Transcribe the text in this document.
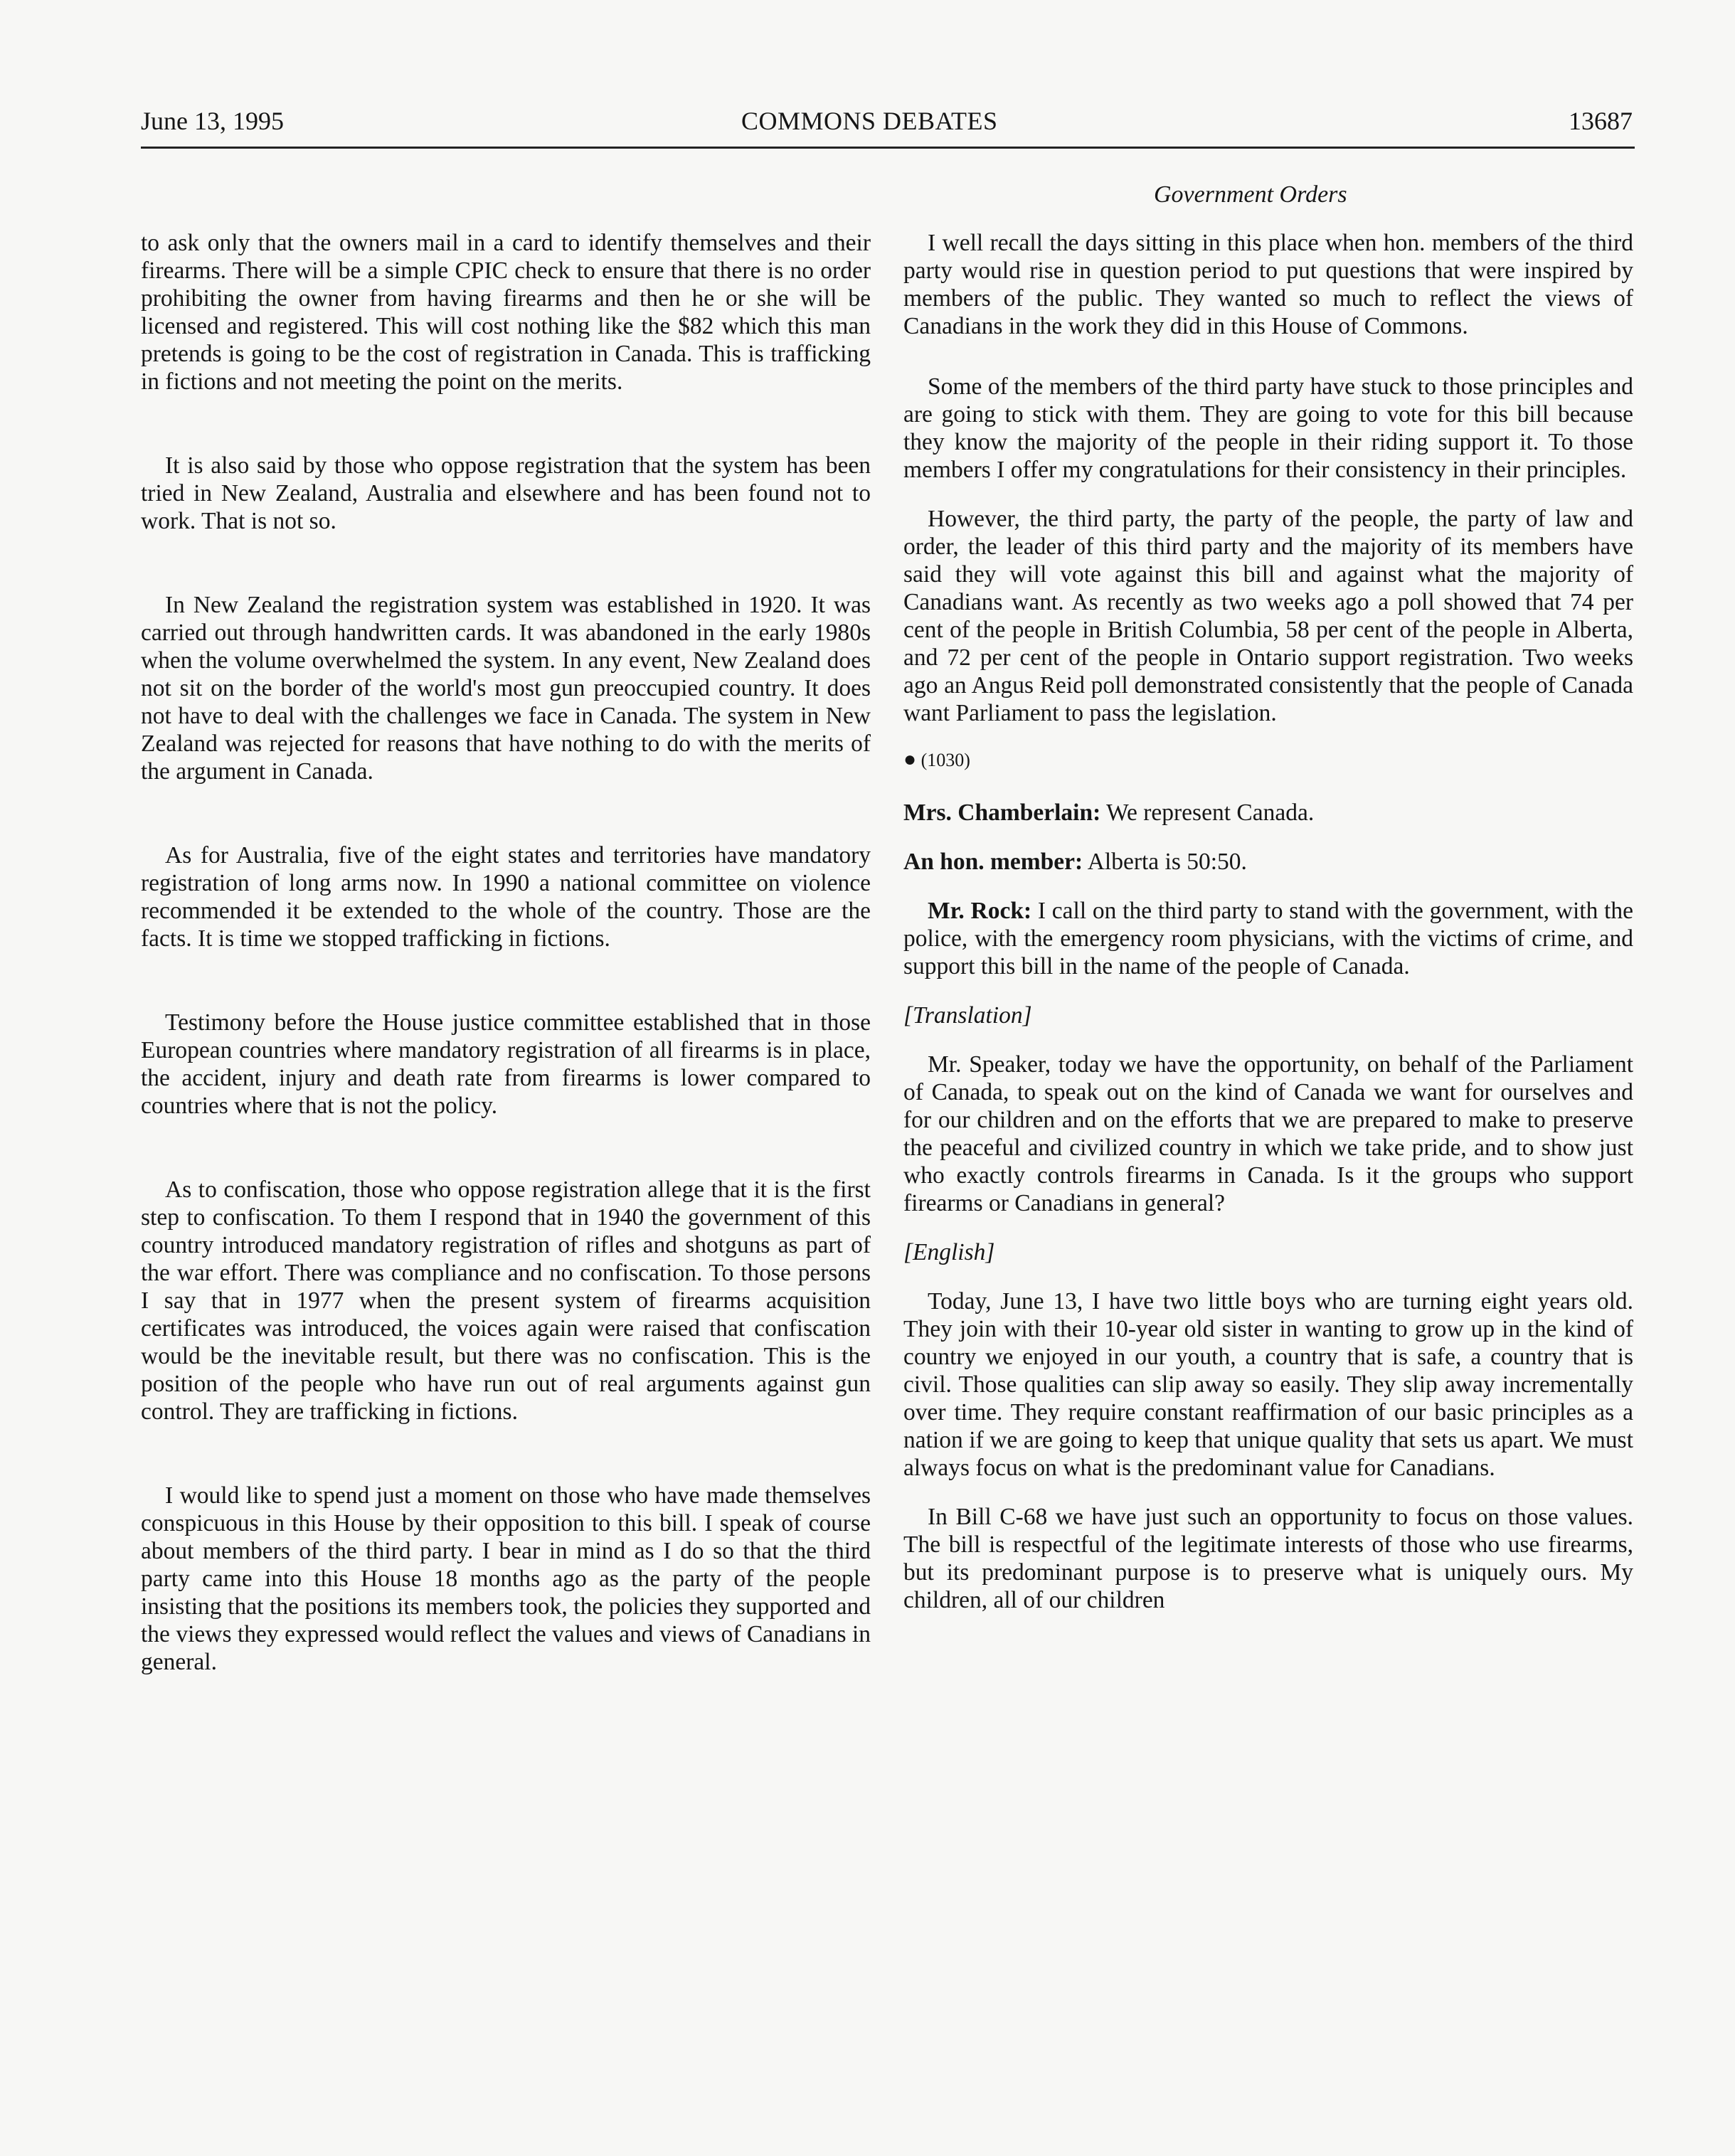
June 13, 1995	COMMONS DEBATES	13687
Government Orders

to ask only that the owners mail in a card to identify themselves and their firearms. There will be a simple CPIC check to ensure that there is no order prohibiting the owner from having firearms and then he or she will be licensed and registered. This will cost nothing like the $82 which this man pretends is going to be the cost of registration in Canada. This is trafficking in fictions and not meeting the point on the merits.

It is also said by those who oppose registration that the system has been tried in New Zealand, Australia and elsewhere and has been found not to work. That is not so.

In New Zealand the registration system was established in 1920. It was carried out through handwritten cards. It was abandoned in the early 1980s when the volume overwhelmed the system. In any event, New Zealand does not sit on the border of the world's most gun preoccupied country. It does not have to deal with the challenges we face in Canada. The system in New Zealand was rejected for reasons that have nothing to do with the merits of the argument in Canada.

As for Australia, five of the eight states and territories have mandatory registration of long arms now. In 1990 a national committee on violence recommended it be extended to the whole of the country. Those are the facts. It is time we stopped trafficking in fictions.

Testimony before the House justice committee established that in those European countries where mandatory registration of all firearms is in place, the accident, injury and death rate from firearms is lower compared to countries where that is not the policy.

As to confiscation, those who oppose registration allege that it is the first step to confiscation. To them I respond that in 1940 the government of this country introduced mandatory registration of rifles and shotguns as part of the war effort. There was compliance and no confiscation. To those persons I say that in 1977 when the present system of firearms acquisition certificates was introduced, the voices again were raised that confiscation would be the inevitable result, but there was no confiscation. This is the position of the people who have run out of real arguments against gun control. They are trafficking in fictions.

I would like to spend just a moment on those who have made themselves conspicuous in this House by their opposition to this bill. I speak of course about members of the third party. I bear in mind as I do so that the third party came into this House 18 months ago as the party of the people insisting that the positions its members took, the policies they supported and the views they expressed would reflect the values and views of Canadians in general.

I well recall the days sitting in this place when hon. members of the third party would rise in question period to put questions that were inspired by members of the public. They wanted so much to reflect the views of Canadians in the work they did in this House of Commons.

Some of the members of the third party have stuck to those principles and are going to stick with them. They are going to vote for this bill because they know the majority of the people in their riding support it. To those members I offer my congratulations for their consistency in their principles.

However, the third party, the party of the people, the party of law and order, the leader of this third party and the majority of its members have said they will vote against this bill and against what the majority of Canadians want. As recently as two weeks ago a poll showed that 74 per cent of the people in British Columbia, 58 per cent of the people in Alberta, and 72 per cent of the people in Ontario support registration. Two weeks ago an Angus Reid poll demonstrated consistently that the people of Canada want Parliament to pass the legislation.

● (1030)

Mrs. Chamberlain: We represent Canada.

An hon. member: Alberta is 50:50.

Mr. Rock: I call on the third party to stand with the government, with the police, with the emergency room physicians, with the victims of crime, and support this bill in the name of the people of Canada.

[Translation]

Mr. Speaker, today we have the opportunity, on behalf of the Parliament of Canada, to speak out on the kind of Canada we want for ourselves and for our children and on the efforts that we are prepared to make to preserve the peaceful and civilized country in which we take pride, and to show just who exactly controls firearms in Canada. Is it the groups who support firearms or Canadians in general?

[English]

Today, June 13, I have two little boys who are turning eight years old. They join with their 10-year old sister in wanting to grow up in the kind of country we enjoyed in our youth, a country that is safe, a country that is civil. Those qualities can slip away so easily. They slip away incrementally over time. They require constant reaffirmation of our basic principles as a nation if we are going to keep that unique quality that sets us apart. We must always focus on what is the predominant value for Canadians.

In Bill C-68 we have just such an opportunity to focus on those values. The bill is respectful of the legitimate interests of those who use firearms, but its predominant purpose is to preserve what is uniquely ours. My children, all of our children
